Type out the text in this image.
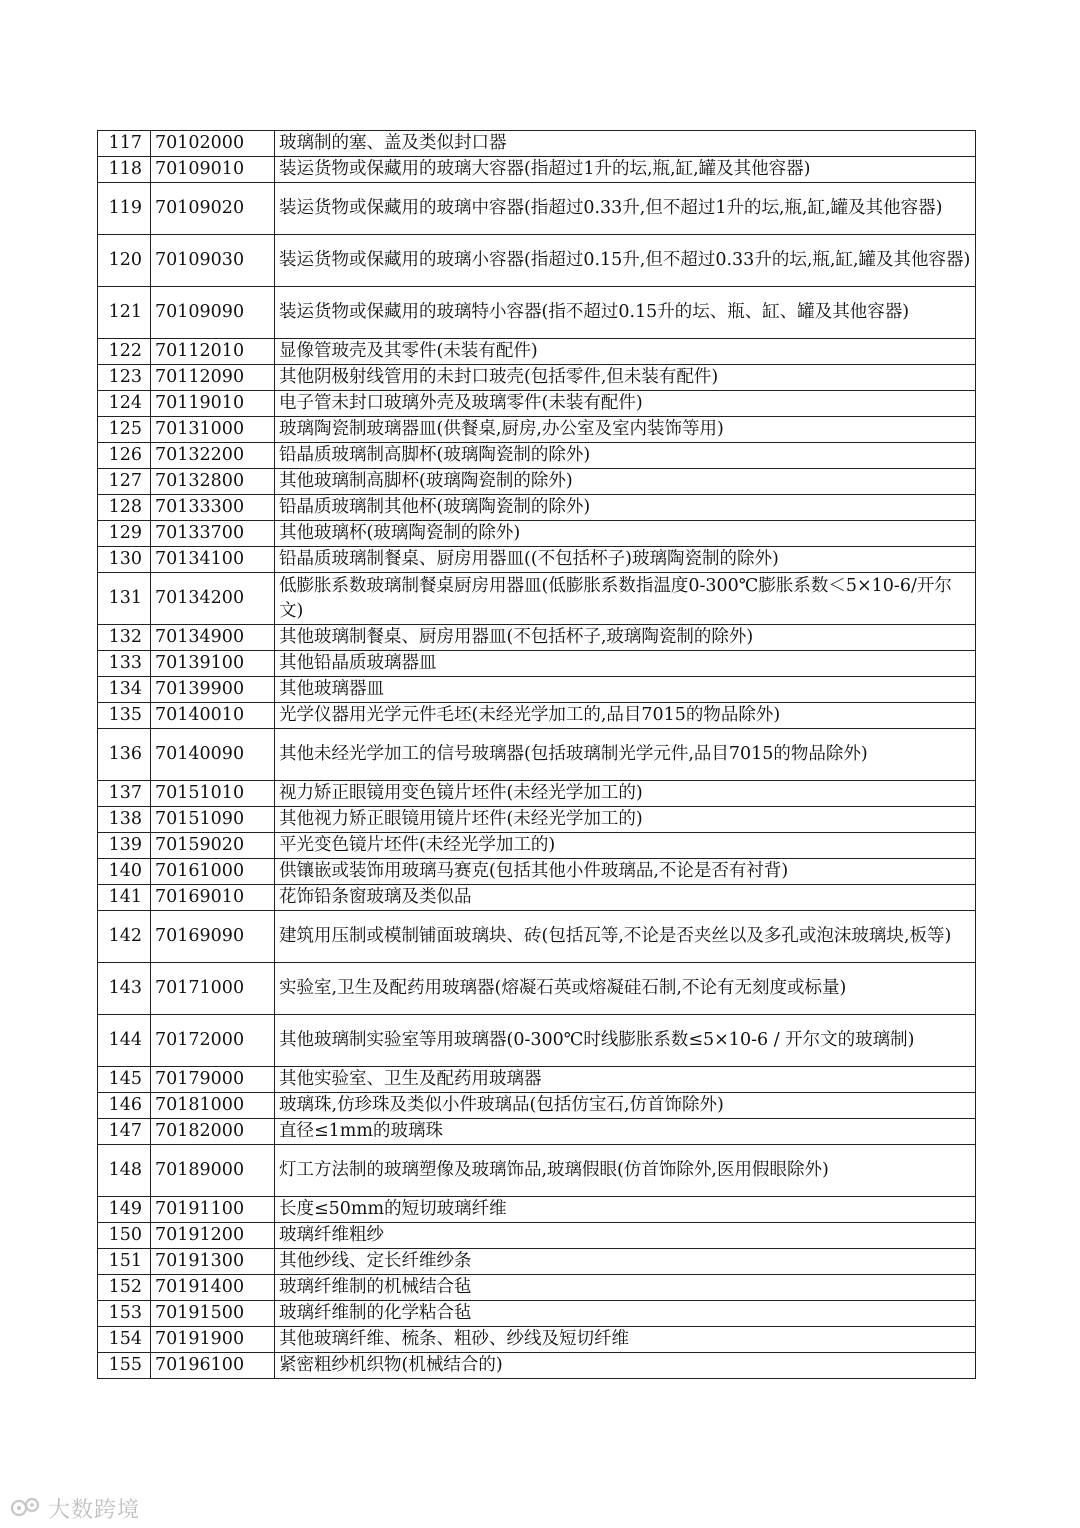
117	70102000	玻璃制的塞、盖及类似封口器
118	70109010	装运货物或保藏用的玻璃大容器(指超过1升的坛,瓶,缸,罐及其他容器)
119	70109020	装运货物或保藏用的玻璃中容器(指超过0.33升,但不超过1升的坛,瓶,缸,罐及其他容器)
120	70109030	装运货物或保藏用的玻璃小容器(指超过0.15升,但不超过0.33升的坛,瓶,缸,罐及其他容器)
121	70109090	装运货物或保藏用的玻璃特小容器(指不超过0.15升的坛、瓶、缸、罐及其他容器)
122	70112010	显像管玻壳及其零件(未装有配件)
123	70112090	其他阴极射线管用的未封口玻壳(包括零件,但未装有配件)
124	70119010	电子管未封口玻璃外壳及玻璃零件(未装有配件)
125	70131000	玻璃陶瓷制玻璃器皿(供餐桌,厨房,办公室及室内装饰等用)
126	70132200	铅晶质玻璃制高脚杯(玻璃陶瓷制的除外)
127	70132800	其他玻璃制高脚杯(玻璃陶瓷制的除外)
128	70133300	铅晶质玻璃制其他杯(玻璃陶瓷制的除外)
129	70133700	其他玻璃杯(玻璃陶瓷制的除外)
130	70134100	铅晶质玻璃制餐桌、厨房用器皿((不包括杯子)玻璃陶瓷制的除外)
131	70134200	低膨胀系数玻璃制餐桌厨房用器皿(低膨胀系数指温度0-300℃膨胀系数＜5×10-6/开尔文)
132	70134900	其他玻璃制餐桌、厨房用器皿(不包括杯子,玻璃陶瓷制的除外)
133	70139100	其他铅晶质玻璃器皿
134	70139900	其他玻璃器皿
135	70140010	光学仪器用光学元件毛坯(未经光学加工的,品目7015的物品除外)
136	70140090	其他未经光学加工的信号玻璃器(包括玻璃制光学元件,品目7015的物品除外)
137	70151010	视力矫正眼镜用变色镜片坯件(未经光学加工的)
138	70151090	其他视力矫正眼镜用镜片坯件(未经光学加工的)
139	70159020	平光变色镜片坯件(未经光学加工的)
140	70161000	供镶嵌或装饰用玻璃马赛克(包括其他小件玻璃品,不论是否有衬背)
141	70169010	花饰铅条窗玻璃及类似品
142	70169090	建筑用压制或模制铺面玻璃块、砖(包括瓦等,不论是否夹丝以及多孔或泡沫玻璃块,板等)
143	70171000	实验室,卫生及配药用玻璃器(熔凝石英或熔凝硅石制,不论有无刻度或标量)
144	70172000	其他玻璃制实验室等用玻璃器(0-300℃时线膨胀系数≤5×10-6 / 开尔文的玻璃制)
145	70179000	其他实验室、卫生及配药用玻璃器
146	70181000	玻璃珠,仿珍珠及类似小件玻璃品(包括仿宝石,仿首饰除外)
147	70182000	直径≤1mm的玻璃珠
148	70189000	灯工方法制的玻璃塑像及玻璃饰品,玻璃假眼(仿首饰除外,医用假眼除外)
149	70191100	长度≤50mm的短切玻璃纤维
150	70191200	玻璃纤维粗纱
151	70191300	其他纱线、定长纤维纱条
152	70191400	玻璃纤维制的机械结合毡
153	70191500	玻璃纤维制的化学粘合毡
154	70191900	其他玻璃纤维、梳条、粗砂、纱线及短切纤维
155	70196100	紧密粗纱机织物(机械结合的)
大数跨境
